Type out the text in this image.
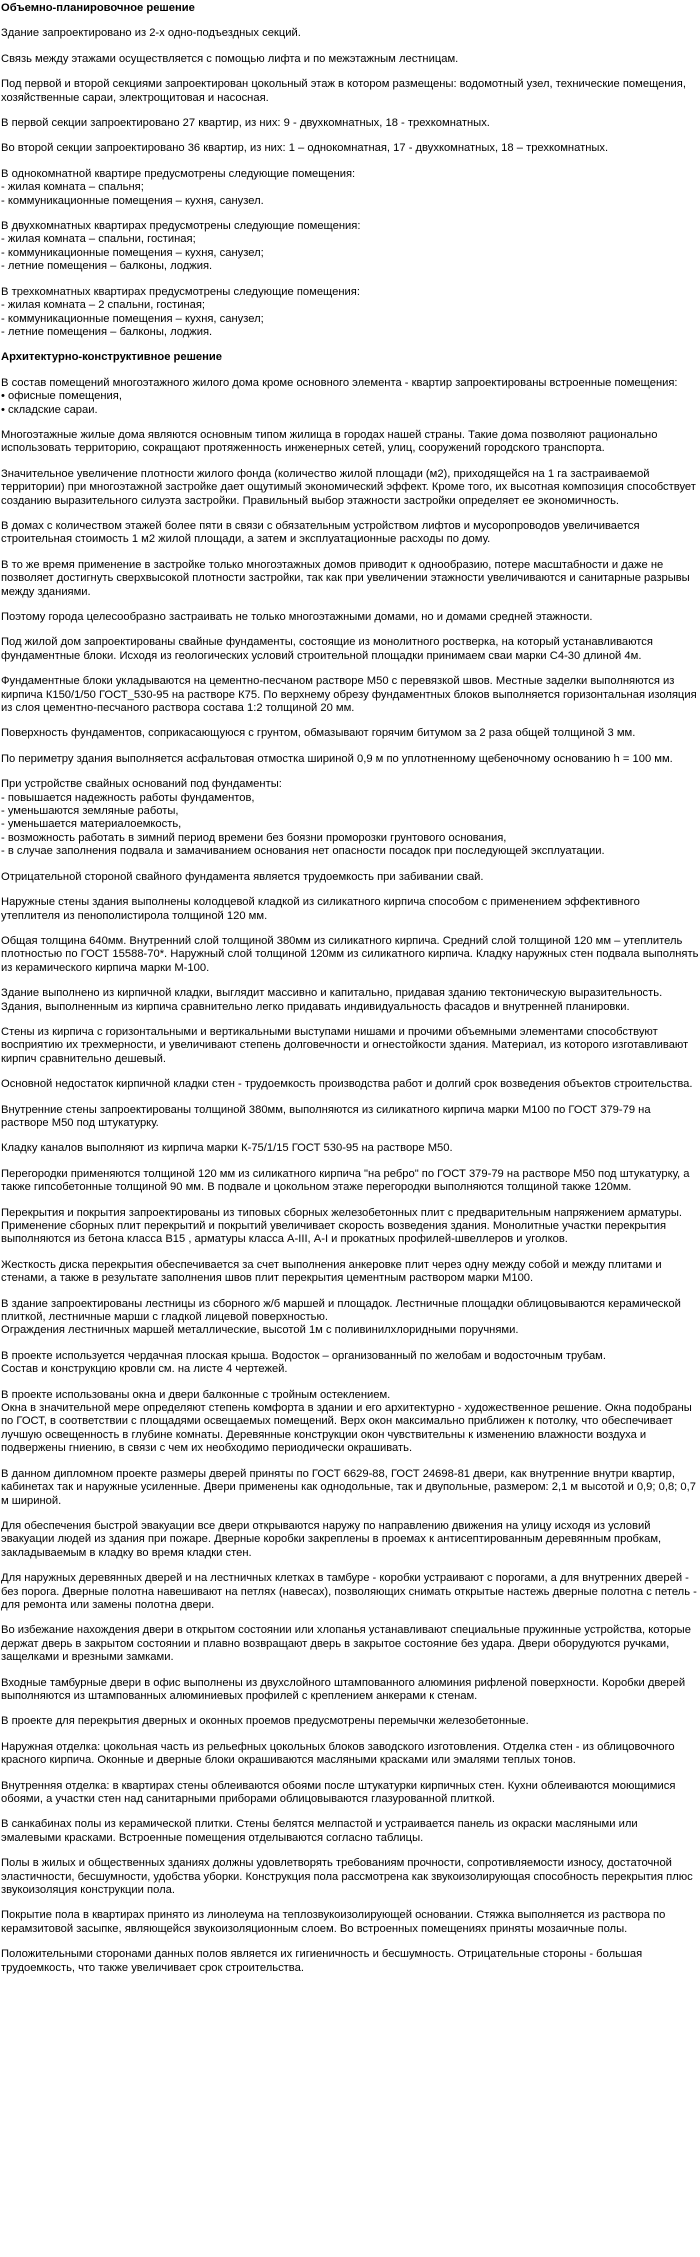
Объемно-планировочное решение

Здание запроектировано из 2-х одно-подъездных секций.

Связь между этажами осуществляется с помощью лифта и по межэтажным лестницам.

Под первой и второй секциями запроектирован цокольный этаж в котором размещены: водомотный узел, технические помещения, хозяйственные сараи, электрощитовая и насосная.

В первой секции запроектировано 27 квартир, из них: 9 - двухкомнатных, 18 - трехкомнатных.

Во второй секции запроектировано 36 квартир, из них: 1 – однокомнатная, 17 - двухкомнатных, 18 – трехкомнатных.

В однокомнатной квартире предусмотрены следующие помещения:
- жилая комната – спальня;
- коммуникационные помещения – кухня, санузел.

В двухкомнатных квартирах предусмотрены следующие помещения:
- жилая комната – спальни, гостиная;
- коммуникационные помещения – кухня, санузел;
- летние помещения – балконы, лоджия.

В трехкомнатных квартирах предусмотрены следующие помещения:
- жилая комната – 2 спальни, гостиная;
- коммуникационные помещения – кухня, санузел;
- летние помещения – балконы, лоджия.

Архитектурно-конструктивное решение

В состав помещений многоэтажного жилого дома кроме основного элемента - квартир запроектированы встроенные помещения:
• офисные помещения,
• складские сараи.

Многоэтажные жилые дома являются основным типом жилища в городах нашей страны. Такие дома позволяют рационально использовать территорию, сокращают протяженность инженерных сетей, улиц, сооружений городского транспорта.

Значительное увеличение плотности жилого фонда (количество жилой площади (м2), приходящейся на 1 га застраиваемой территории) при многоэтажной застройке дает ощутимый экономический эффект. Кроме того, их высотная композиция способствует созданию выразительного силуэта застройки. Правильный выбор этажности застройки определяет ее экономичность.

В домах с количеством этажей более пяти в связи с обязательным устройством лифтов и мусоропроводов увеличивается строительная стоимость 1 м2 жилой площади, а затем и эксплуатационные расходы по дому.

В то же время применение в застройке только многоэтажных домов приводит к однообразию, потере масштабности и даже не позволяет достигнуть сверхвысокой плотности застройки, так как при увеличении этажности увеличиваются и санитарные разрывы между зданиями.

Поэтому города целесообразно застраивать не только многоэтажными домами, но и домами средней этажности.

Под жилой дом запроектированы свайные фундаменты, состоящие из монолитного ростверка, на который устанавливаются фундаментные блоки. Исходя из геологических условий строительной площадки принимаем сваи марки С4-30 длиной 4м.

Фундаментные блоки укладываются на цементно-песчаном растворе М50 с перевязкой швов. Местные заделки выполняются из кирпича К150/1/50 ГОСТ_530-95 на растворе К75. По верхнему обрезу фундаментных блоков выполняется горизонтальная изоляция из слоя цементно-песчаного раствора состава 1:2 толщиной 20 мм.

Поверхность фундаментов, соприкасающуюся с грунтом, обмазывают горячим битумом за 2 раза общей толщиной 3 мм.

По периметру здания выполняется асфальтовая отмостка шириной 0,9 м по уплотненному щебеночному основанию h = 100 мм.

При устройстве свайных оснований под фундаменты:
- повышается надежность работы фундаментов,
- уменьшаются земляные работы,
- уменьшается материалоемкость,
- возможность работать в зимний период времени без боязни проморозки грунтового основания,
- в случае заполнения подвала и замачиванием основания нет опасности посадок при последующей эксплуатации.

Отрицательной стороной свайного фундамента является трудоемкость при забивании свай.

Наружные стены здания выполнены колодцевой кладкой из силикатного кирпича способом с применением эффективного утеплителя из пенополистирола толщиной 120 мм.

Общая толщина 640мм. Внутренний слой толщиной 380мм из силикатного кирпича. Средний слой толщиной 120 мм – утеплитель плотностью по ГОСТ 15588-70*. Наружный слой толщиной 120мм из силикатного кирпича. Кладку наружных стен подвала выполнять из керамического кирпича марки М-100.

Здание выполнено из кирпичной кладки, выглядит массивно и капитально, придавая зданию тектоническую выразительность. Здания, выполненным из кирпича сравнительно легко придавать индивидуальность фасадов и внутренней планировки.

Стены из кирпича с горизонтальными и вертикальными выступами нишами и прочими объемными элементами способствуют восприятию их трехмерности, и увеличивают степень долговечности и огнестойкости здания. Материал, из которого изготавливают кирпич сравнительно дешевый.

Основной недостаток кирпичной кладки стен - трудоемкость производства работ и долгий срок возведения объектов строительства.

Внутренние стены запроектированы толщиной 380мм, выполняются из силикатного кирпича марки М100 по ГОСТ 379-79 на растворе М50 под штукатурку.

Кладку каналов выполняют из кирпича марки К-75/1/15 ГОСТ 530-95 на растворе М50.

Перегородки применяются толщиной 120 мм из силикатного кирпича "на ребро" по ГОСТ 379-79 на растворе М50 под штукатурку, а также гипсобетонные толщиной 90 мм. В подвале и цокольном этаже перегородки выполняются толщиной также 120мм.

Перекрытия и покрытия запроектированы из типовых сборных железобетонных плит с предварительным напряжением арматуры. Применение сборных плит перекрытий и покрытий увеличивает скорость возведения здания. Монолитные участки перекрытия выполняются из бетона класса В15 , арматуры класса А-III, А-I и прокатных профилей-швеллеров и уголков.

Жесткость диска перекрытия обеспечивается за счет выполнения анкеровке плит через одну между собой и между плитами и стенами, а также в результате заполнения швов плит перекрытия цементным раствором марки М100.

В здание запроектированы лестницы из сборного ж/б маршей и площадок. Лестничные площадки облицовываются керамической плиткой, лестничные марши с гладкой лицевой поверхностью.
Ограждения лестничных маршей металлические, высотой 1м с поливинилхлоридными поручнями.

В проекте используется чердачная плоская крыша. Водосток – организованный по желобам и водосточным трубам.
Состав и конструкцию кровли см. на листе 4 чертежей.

В проекте использованы окна и двери балконные с тройным остеклением.
Окна в значительной мере определяют степень комфорта в здании и его архитектурно - художественное решение. Окна подобраны по ГОСТ, в соответствии с площадями освещаемых помещений. Верх окон максимально приближен к потолку, что обеспечивает лучшую освещенность в глубине комнаты. Деревянные конструкции окон чувствительны к изменению влажности воздуха и подвержены гниению, в связи с чем их необходимо периодически окрашивать.

В данном дипломном проекте размеры дверей приняты по ГОСТ 6629-88, ГОСТ 24698-81 двери, как внутренние внутри квартир, кабинетах так и наружные усиленные. Двери применены как однодольные, так и двупольные, размером: 2,1 м высотой и 0,9; 0,8; 0,7 м шириной.

Для обеспечения быстрой эвакуации все двери открываются наружу по направлению движения на улицу исходя из условий эвакуации людей из здания при пожаре. Дверные коробки закреплены в проемах к антисептированным деревянным пробкам, закладываемым в кладку во время кладки стен.

Для наружных деревянных дверей и на лестничных клетках в тамбуре - коробки устраивают с порогами, а для внутренних дверей - без порога. Дверные полотна навешивают на петлях (навесах), позволяющих снимать открытые настежь дверные полотна с петель - для ремонта или замены полотна двери.

Во избежание нахождения двери в открытом состоянии или хлопанья устанавливают специальные пружинные устройства, которые держат дверь в закрытом состоянии и плавно возвращают дверь в закрытое состояние без удара. Двери оборудуются ручками, защелками и врезными замками.

Входные тамбурные двери в офис выполнены из двухслойного штампованного алюминия рифленой поверхности. Коробки дверей выполняются из штампованных алюминиевых профилей с креплением анкерами к стенам.

В проекте для перекрытия дверных и оконных проемов предусмотрены перемычки железобетонные.

Наружная отделка: цокольная часть из рельефных цокольных блоков заводского изготовления. Отделка стен - из облицовочного красного кирпича. Оконные и дверные блоки окрашиваются масляными красками или эмалями теплых тонов.

Внутренняя отделка: в квартирах стены облеиваются обоями после штукатурки кирпичных стен. Кухни облеиваются моющимися обоями, а участки стен над санитарными приборами облицовываются глазурованной плиткой.

В санкабинах полы из керамической плитки. Стены белятся мелпастой и устраивается панель из окраски масляными или эмалевыми красками. Встроенные помещения отделываются согласно таблицы.

Полы в жилых и общественных зданиях должны удовлетворять требованиям прочности, сопротивляемости износу, достаточной эластичности, бесшумности, удобства уборки. Конструкция пола рассмотрена как звукоизолирующая способность перекрытия плюс звукоизоляция конструкции пола.

Покрытие пола в квартирах принято из линолеума на теплозвукоизолирующей основании. Стяжка выполняется из раствора по керамзитовой засыпке, являющейся звукоизоляционным слоем. Во встроенных помещениях приняты мозаичные полы.

Положительными сторонами данных полов является их гигиеничность и бесшумность. Отрицательные стороны - большая трудоемкость, что также увеличивает срок строительства.
